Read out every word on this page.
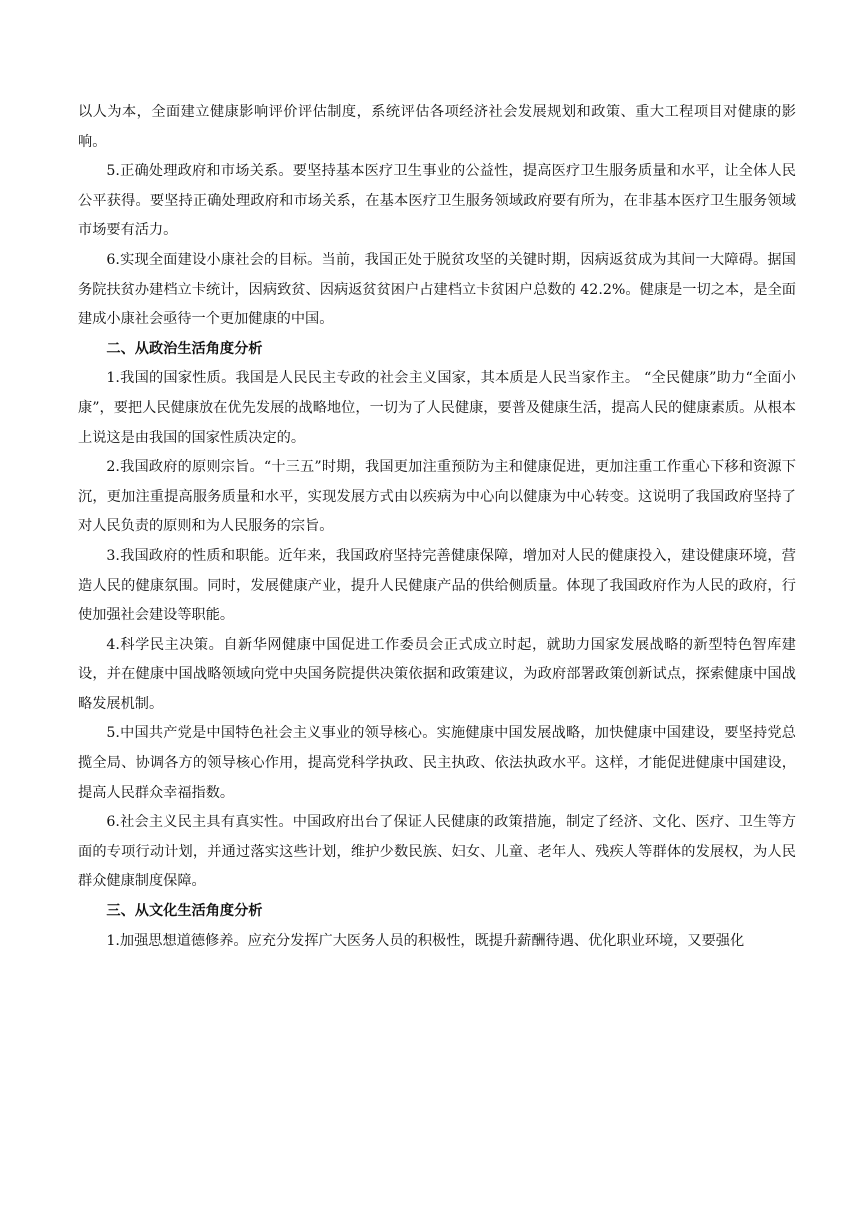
以人为本，全面建立健康影响评价评估制度，系统评估各项经济社会发展规划和政策、重大工程项目对健康的影响。

5.正确处理政府和市场关系。要坚持基本医疗卫生事业的公益性，提高医疗卫生服务质量和水平，让全体人民公平获得。要坚持正确处理政府和市场关系，在基本医疗卫生服务领域政府要有所为，在非基本医疗卫生服务领域市场要有活力。

6.实现全面建设小康社会的目标。当前，我国正处于脱贫攻坚的关键时期，因病返贫成为其间一大障碍。据国务院扶贫办建档立卡统计，因病致贫、因病返贫贫困户占建档立卡贫困户总数的 42.2%。健康是一切之本，是全面建成小康社会亟待一个更加健康的中国。

二、从政治生活角度分析

1.我国的国家性质。我国是人民民主专政的社会主义国家，其本质是人民当家作主。 “全民健康”助力“全面小康”，要把人民健康放在优先发展的战略地位，一切为了人民健康，要普及健康生活，提高人民的健康素质。从根本上说这是由我国的国家性质决定的。

2.我国政府的原则宗旨。“十三五”时期，我国更加注重预防为主和健康促进，更加注重工作重心下移和资源下沉，更加注重提高服务质量和水平，实现发展方式由以疾病为中心向以健康为中心转变。这说明了我国政府坚持了对人民负责的原则和为人民服务的宗旨。

3.我国政府的性质和职能。近年来，我国政府坚持完善健康保障，增加对人民的健康投入，建设健康环境，营造人民的健康氛围。同时，发展健康产业，提升人民健康产品的供给侧质量。体现了我国政府作为人民的政府，行使加强社会建设等职能。

4.科学民主决策。自新华网健康中国促进工作委员会正式成立时起，就助力国家发展战略的新型特色智库建设，并在健康中国战略领域向党中央国务院提供决策依据和政策建议，为政府部署政策创新试点，探索健康中国战略发展机制。

5.中国共产党是中国特色社会主义事业的领导核心。实施健康中国发展战略，加快健康中国建设，要坚持党总揽全局、协调各方的领导核心作用，提高党科学执政、民主执政、依法执政水平。这样，才能促进健康中国建设，提高人民群众幸福指数。

6.社会主义民主具有真实性。中国政府出台了保证人民健康的政策措施，制定了经济、文化、医疗、卫生等方面的专项行动计划，并通过落实这些计划，维护少数民族、妇女、儿童、老年人、残疾人等群体的发展权，为人民群众健康制度保障。

三、从文化生活角度分析

1.加强思想道德修养。应充分发挥广大医务人员的积极性，既提升薪酬待遇、优化职业环境，又要强化
